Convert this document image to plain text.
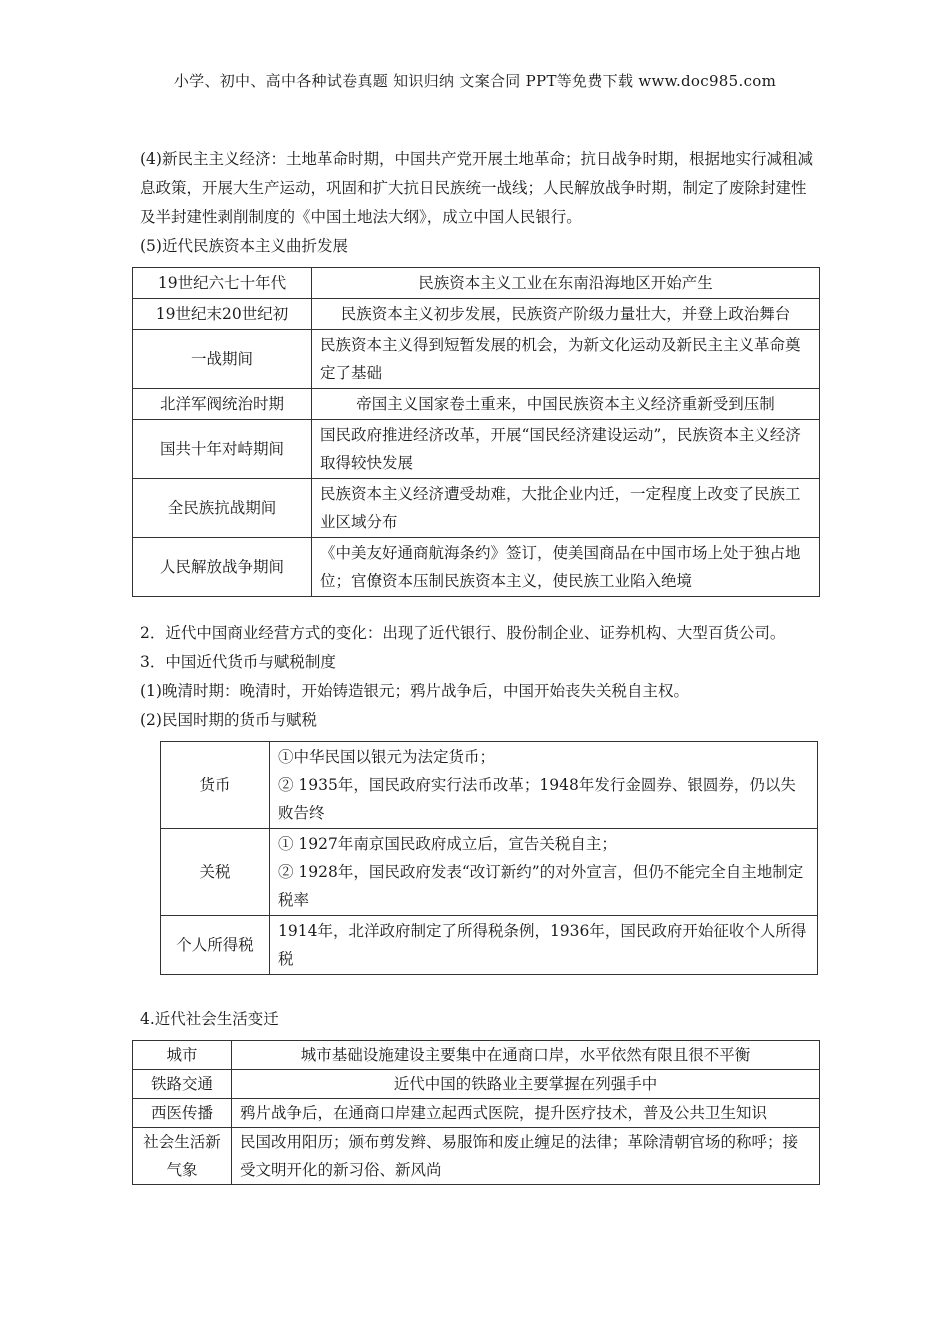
小学、初中、高中各种试卷真题 知识归纳 文案合同 PPT等免费下载 www.doc985.com

(4)新民主主义经济：土地革命时期，中国共产党开展土地革命；抗日战争时期，根据地实行减租减息政策，开展大生产运动，巩固和扩大抗日民族统一战线；人民解放战争时期，制定了废除封建性及半封建性剥削制度的《中国土地法大纲》，成立中国人民银行。

(5)近代民族资本主义曲折发展

19世纪六七十年代	民族资本主义工业在东南沿海地区开始产生
19世纪末20世纪初	民族资本主义初步发展，民族资产阶级力量壮大，并登上政治舞台
一战期间	民族资本主义得到短暂发展的机会，为新文化运动及新民主主义革命奠定了基础
北洋军阀统治时期	帝国主义国家卷土重来，中国民族资本主义经济重新受到压制
国共十年对峙期间	国民政府推进经济改革，开展“国民经济建设运动”，民族资本主义经济取得较快发展
全民族抗战期间	民族资本主义经济遭受劫难，大批企业内迁，一定程度上改变了民族工业区域分布
人民解放战争期间	《中美友好通商航海条约》签订，使美国商品在中国市场上处于独占地位；官僚资本压制民族资本主义，使民族工业陷入绝境

2．近代中国商业经营方式的变化：出现了近代银行、股份制企业、证券机构、大型百货公司。

3．中国近代货币与赋税制度

(1)晚清时期：晚清时，开始铸造银元；鸦片战争后，中国开始丧失关税自主权。

(2)民国时期的货币与赋税

货币	①中华民国以银元为法定货币；
② 1935年，国民政府实行法币改革；1948年发行金圆券、银圆券，仍以失败告终

关税	① 1927年南京国民政府成立后，宣告关税自主；
② 1928年，国民政府发表“改订新约”的对外宣言，但仍不能完全自主地制定税率

个人所得税	1914年，北洋政府制定了所得税条例，1936年，国民政府开始征收个人所得税

4.近代社会生活变迁

城市	城市基础设施建设主要集中在通商口岸，水平依然有限且很不平衡
铁路交通	近代中国的铁路业主要掌握在列强手中
西医传播	鸦片战争后，在通商口岸建立起西式医院，提升医疗技术，普及公共卫生知识
社会生活新气象	民国改用阳历；颁布剪发辫、易服饰和废止缠足的法律；革除清朝官场的称呼；接受文明开化的新习俗、新风尚
